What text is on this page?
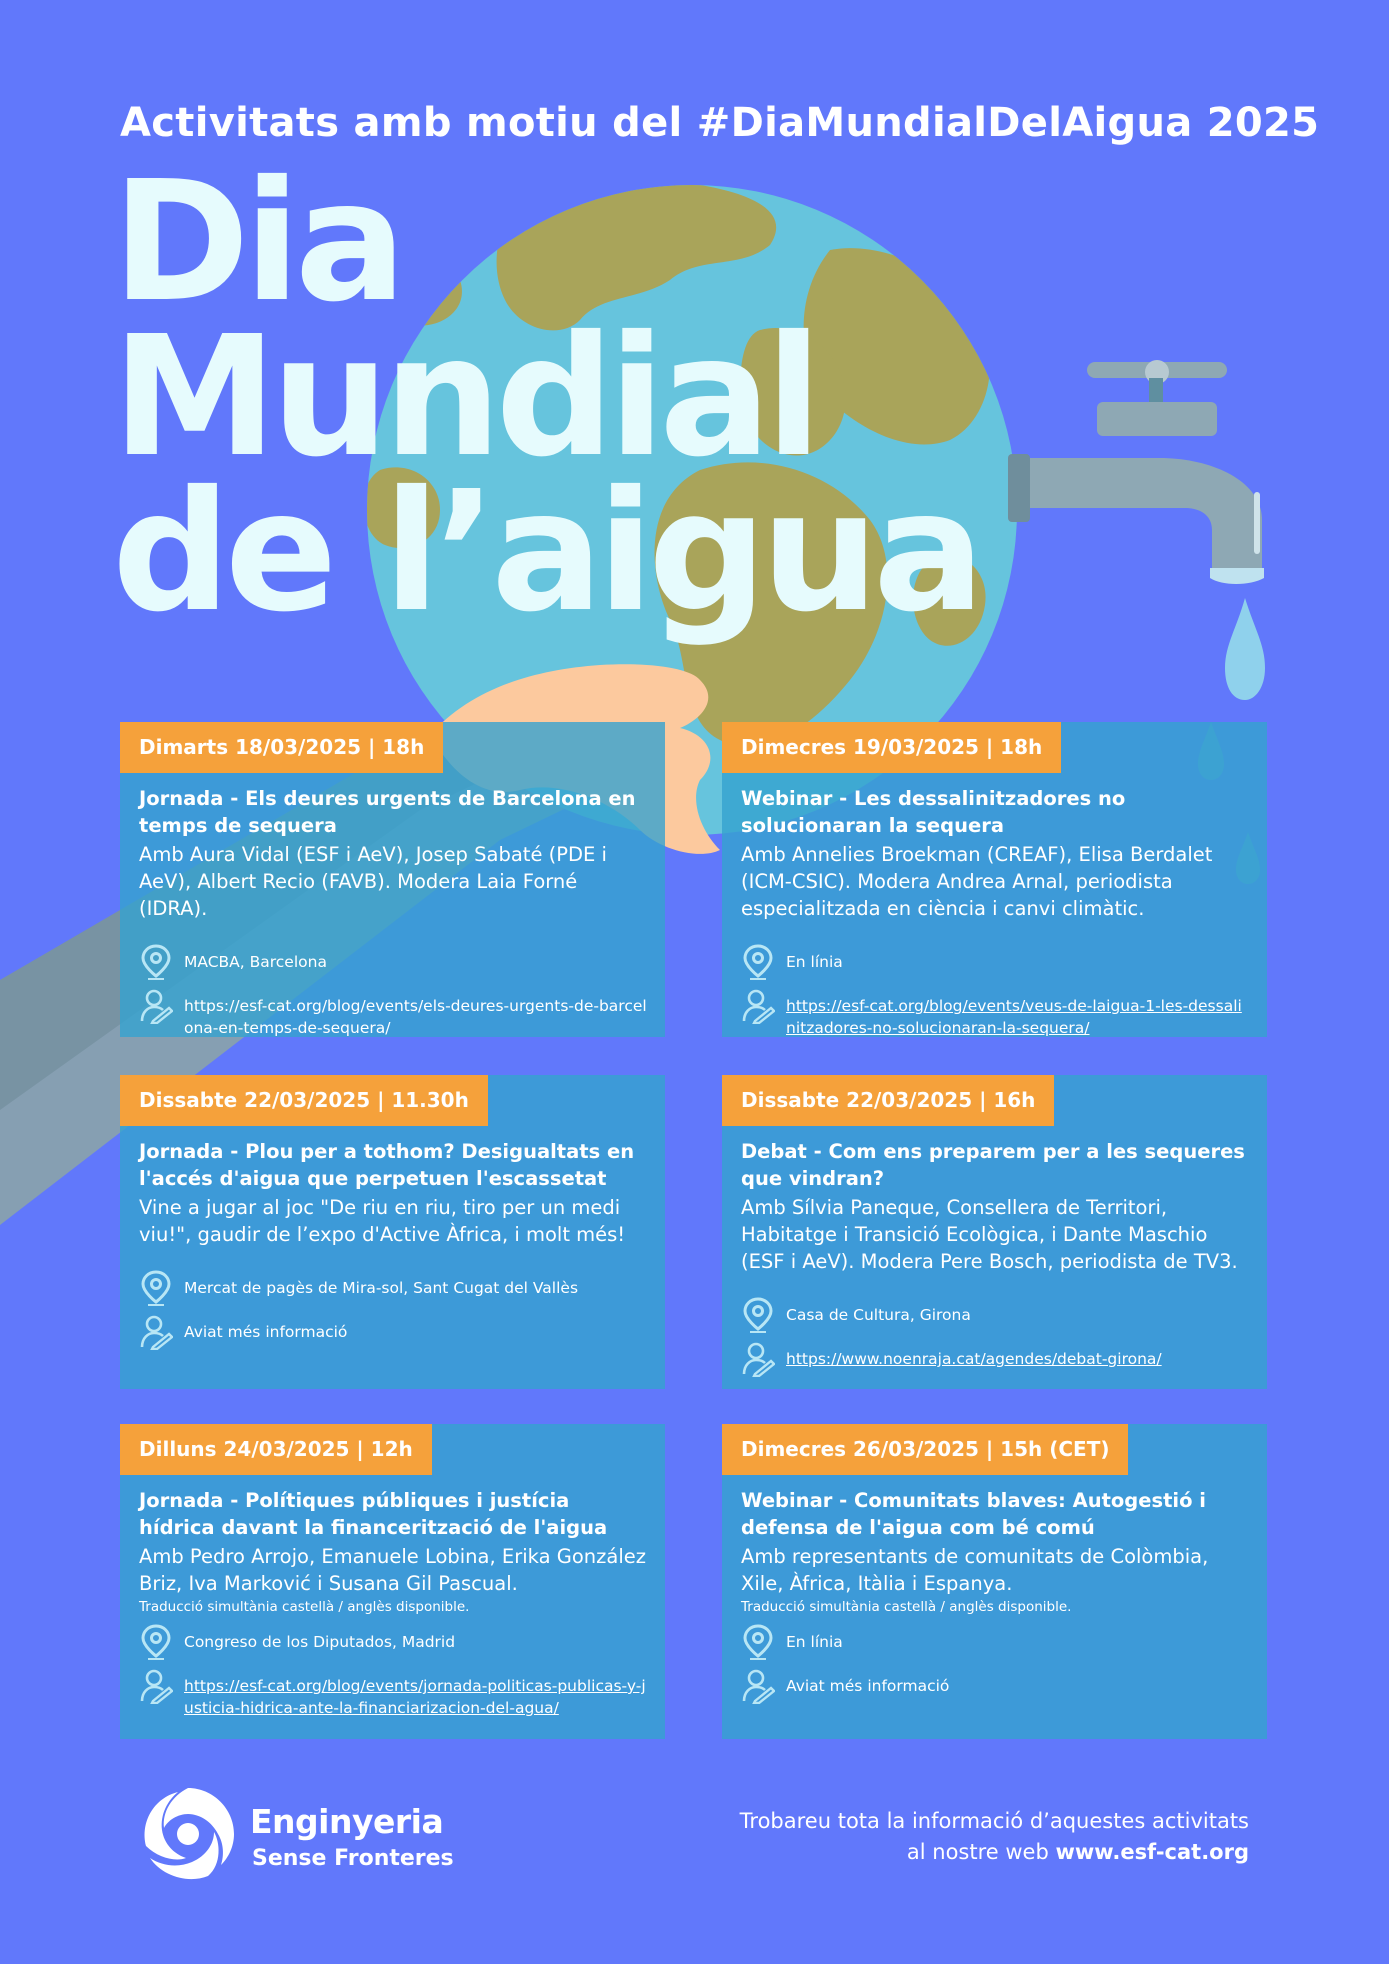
Activitats amb motiu del #DiaMundialDelAigua 2025
Dia
Mundial
de l’aigua
Dimarts 18/03/2025 | 18h
Jornada - Els deures urgents de Barcelona en temps de sequera
Amb Aura Vidal (ESF i AeV), Josep Sabaté (PDE i AeV), Albert Recio (FAVB). Modera Laia Forné (IDRA).
MACBA, Barcelona
https://esf-cat.org/blog/events/els-deures-urgents-de-barcelona-en-temps-de-sequera/
Dimecres 19/03/2025 | 18h
Webinar - Les dessalinitzadores no solucionaran la sequera
Amb Annelies Broekman (CREAF), Elisa Berdalet (ICM-CSIC). Modera Andrea Arnal, periodista especialitzada en ciència i canvi climàtic.
En línia
https://esf-cat.org/blog/events/veus-de-laigua-1-les-dessalinitzadores-no-solucionaran-la-sequera/
Dissabte 22/03/2025 | 11.30h
Jornada - Plou per a tothom? Desigualtats en l'accés d'aigua que perpetuen l'escassetat
Vine a jugar al joc "De riu en riu, tiro per un medi viu!", gaudir de l’expo d'Active Àfrica, i molt més!
Mercat de pagès de Mira-sol, Sant Cugat del Vallès
Aviat més informació
Dissabte 22/03/2025 | 16h
Debat - Com ens preparem per a les sequeres que vindran?
Amb Sílvia Paneque, Consellera de Territori, Habitatge i Transició Ecològica, i Dante Maschio (ESF i AeV). Modera Pere Bosch, periodista de TV3.
Casa de Cultura, Girona
https://www.noenraja.cat/agendes/debat-girona/
Dilluns 24/03/2025 | 12h
Jornada - Polítiques públiques i justícia hídrica davant la financerització de l'aigua
Amb Pedro Arrojo, Emanuele Lobina, Erika González Briz, Iva Marković i Susana Gil Pascual.
Traducció simultània castellà / anglès disponible.
Congreso de los Diputados, Madrid
https://esf-cat.org/blog/events/jornada-politicas-publicas-y-justicia-hidrica-ante-la-financiarizacion-del-agua/
Dimecres 26/03/2025 | 15h (CET)
Webinar - Comunitats blaves: Autogestió i defensa de l'aigua com bé comú
Amb representants de comunitats de Colòmbia, Xile, Àfrica, Itàlia i Espanya.
Traducció simultània castellà / anglès disponible.
En línia
Aviat més informació
Enginyeria
Sense Fronteres
Trobareu tota la informació d’aquestes activitats
al nostre web www.esf-cat.org
